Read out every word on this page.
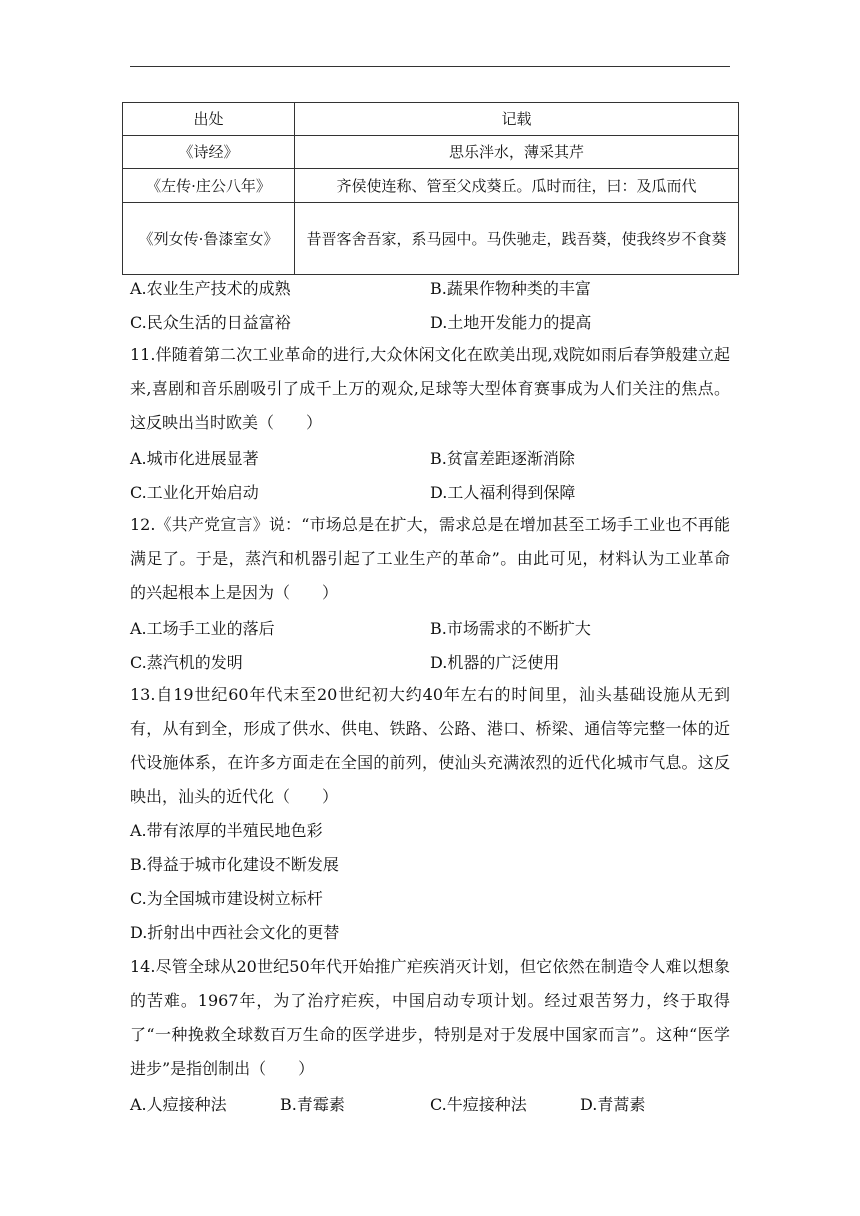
出处	记载
《诗经》	思乐泮水，薄采其芹
《左传·庄公八年》	齐侯使连称、管至父戍葵丘。瓜时而往，曰：及瓜而代
《列女传·鲁漆室女》	昔晋客舍吾家，系马园中。马佚驰走，践吾葵，使我终岁不食葵
A.农业生产技术的成熟	B.蔬果作物种类的丰富
C.民众生活的日益富裕	D.土地开发能力的提高
11.伴随着第二次工业革命的进行,大众休闲文化在欧美出现,戏院如雨后春笋般建立起来,喜剧和音乐剧吸引了成千上万的观众,足球等大型体育赛事成为人们关注的焦点。这反映出当时欧美（　　）
A.城市化进展显著	B.贫富差距逐渐消除
C.工业化开始启动	D.工人福利得到保障
12.《共产党宣言》说：“市场总是在扩大，需求总是在增加甚至工场手工业也不再能满足了。于是，蒸汽和机器引起了工业生产的革命”。由此可见，材料认为工业革命的兴起根本上是因为（　　）
A.工场手工业的落后	B.市场需求的不断扩大
C.蒸汽机的发明	D.机器的广泛使用
13.自19世纪60年代末至20世纪初大约40年左右的时间里，汕头基础设施从无到有，从有到全，形成了供水、供电、铁路、公路、港口、桥梁、通信等完整一体的近代设施体系，在许多方面走在全国的前列，使汕头充满浓烈的近代化城市气息。这反映出，汕头的近代化（　　）
A.带有浓厚的半殖民地色彩
B.得益于城市化建设不断发展
C.为全国城市建设树立标杆
D.折射出中西社会文化的更替
14.尽管全球从20世纪50年代开始推广疟疾消灭计划，但它依然在制造令人难以想象的苦难。1967年，为了治疗疟疾，中国启动专项计划。经过艰苦努力，终于取得了“一种挽救全球数百万生命的医学进步，特别是对于发展中国家而言”。这种“医学进步”是指创制出（　　）
A.人痘接种法	B.青霉素	C.牛痘接种法	D.青蒿素
